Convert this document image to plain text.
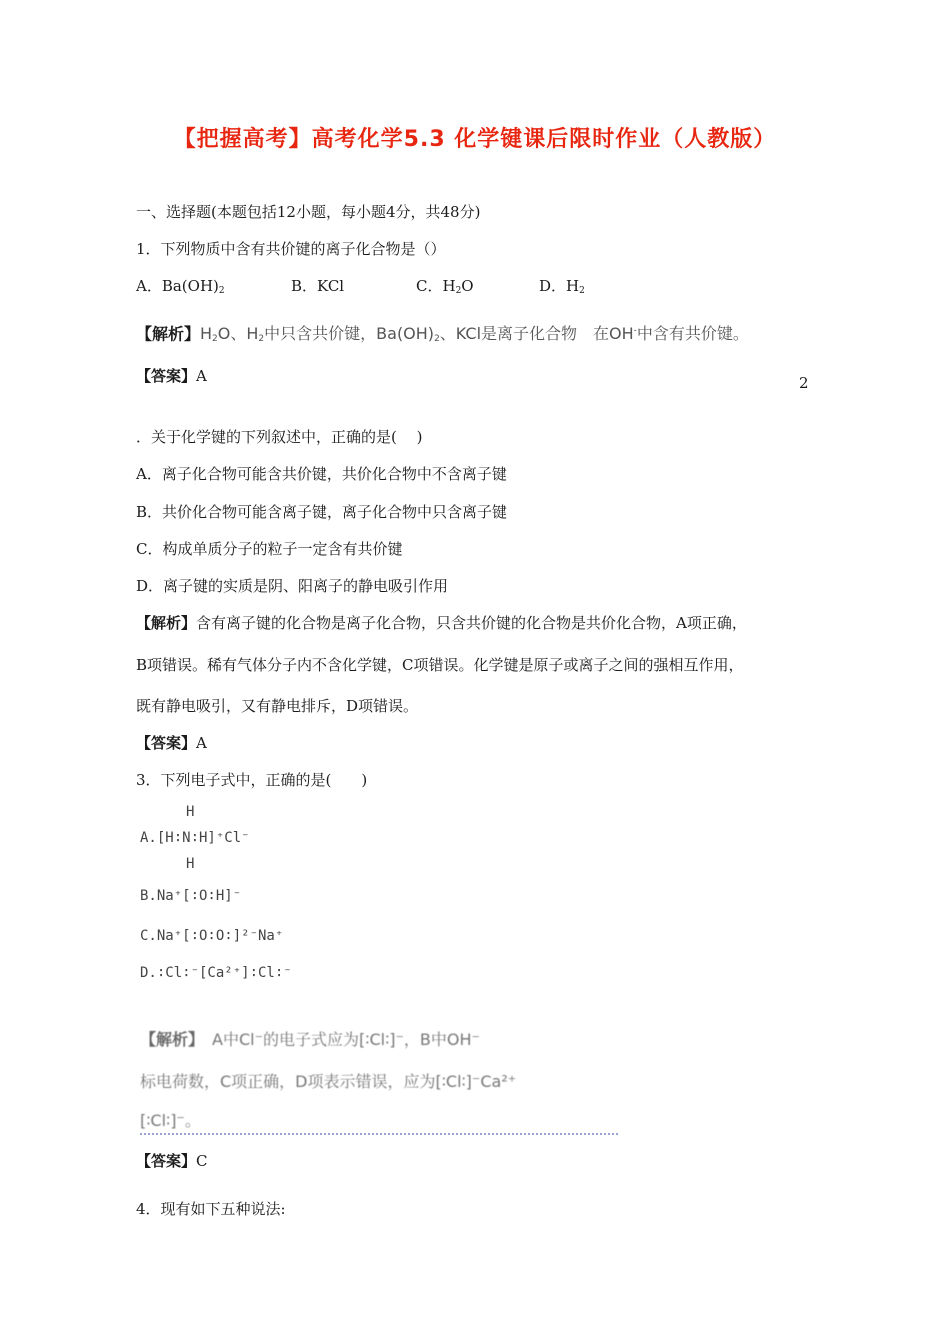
【把握高考】高考化学5.3 化学键课后限时作业（人教版）
一、选择题(本题包括12小题，每小题4分，共48分)
1．下列物质中含有共价键的离子化合物是（）
A．$Ba(OH)_2$	B．KCl	C．$H_2O$	D．$H_2$
【解析】$H_2O$、$H_2$中只含共价键，$Ba(OH)_2$、KCl是离子化合物　在OH-中含有共价键。
【答案】A	2
．关于化学键的下列叙述中，正确的是(　 )
A．离子化合物可能含共价键，共价化合物中不含离子键
B．共价化合物可能含离子键，离子化合物中只含离子键
C．构成单质分子的粒子一定含有共价键
D．离子键的实质是阴、阳离子的静电吸引作用
【解析】含有离子键的化合物是离子化合物，只含共价键的化合物是共价化合物，A项正确，
B项错误。稀有气体分子内不含化学键，C项错误。化学键是原子或离子之间的强相互作用，
既有静电吸引，又有静电排斥，D项错误。
【答案】A
3．下列电子式中，正确的是(　　)
H
A.[H∶N∶H]⁺Cl⁻
H
B.Na⁺[∶O∶H]⁻
C.Na⁺[∶O∶O∶]²⁻Na⁺
D.∶Cl∶⁻[Ca²⁺]∶Cl∶⁻
【解析】　 A中Cl⁻的电子式应为[∶Cl∶]⁻，B中OH⁻
标电荷数，C项正确，D项表示错误，应为[∶Cl∶]⁻Ca²⁺
[∶Cl∶]⁻。
【答案】C
4．现有如下五种说法:
